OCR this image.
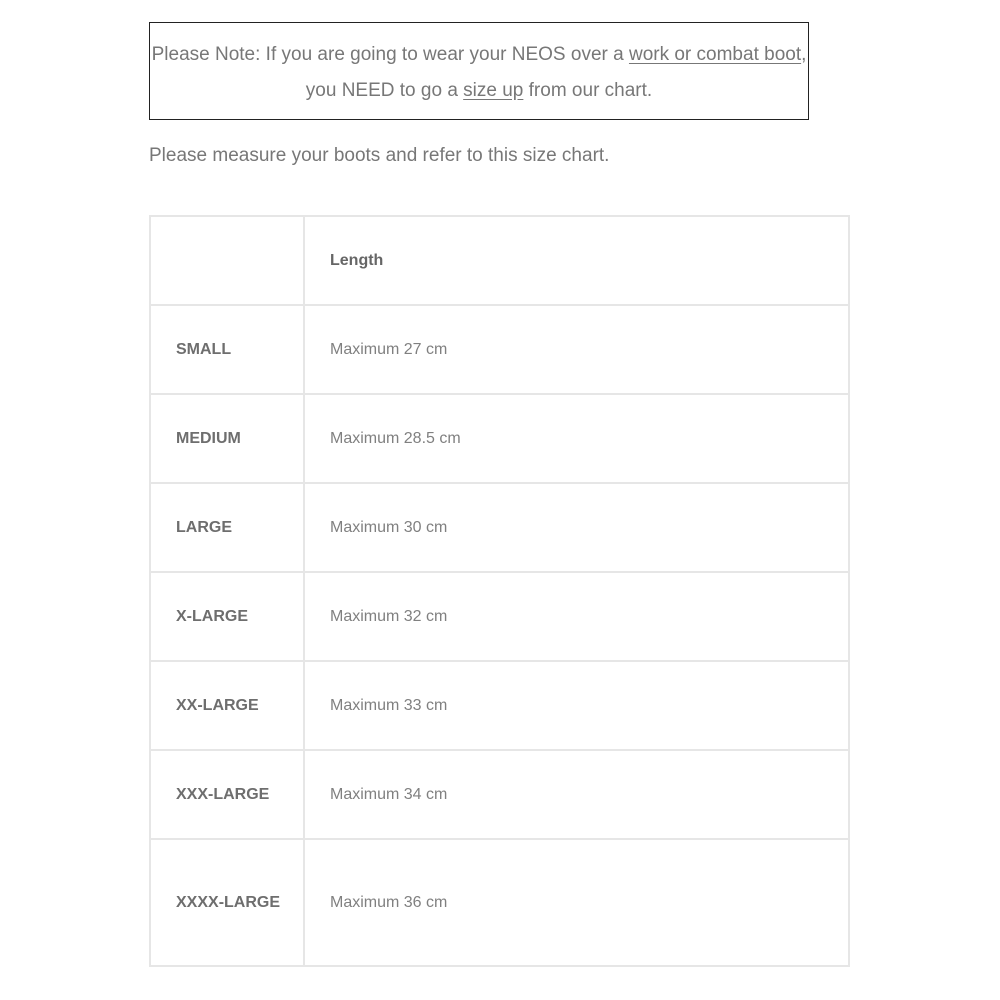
Please Note: If you are going to wear your NEOS over a work or combat boot, you NEED to go a size up from our chart.
Please measure your boots and refer to this size chart.
	Length
SMALL	Maximum 27 cm
MEDIUM	Maximum 28.5 cm
LARGE	Maximum 30 cm
X-LARGE	Maximum 32 cm
XX-LARGE	Maximum 33 cm
XXX-LARGE	Maximum 34 cm
XXXX-LARGE	Maximum 36 cm
